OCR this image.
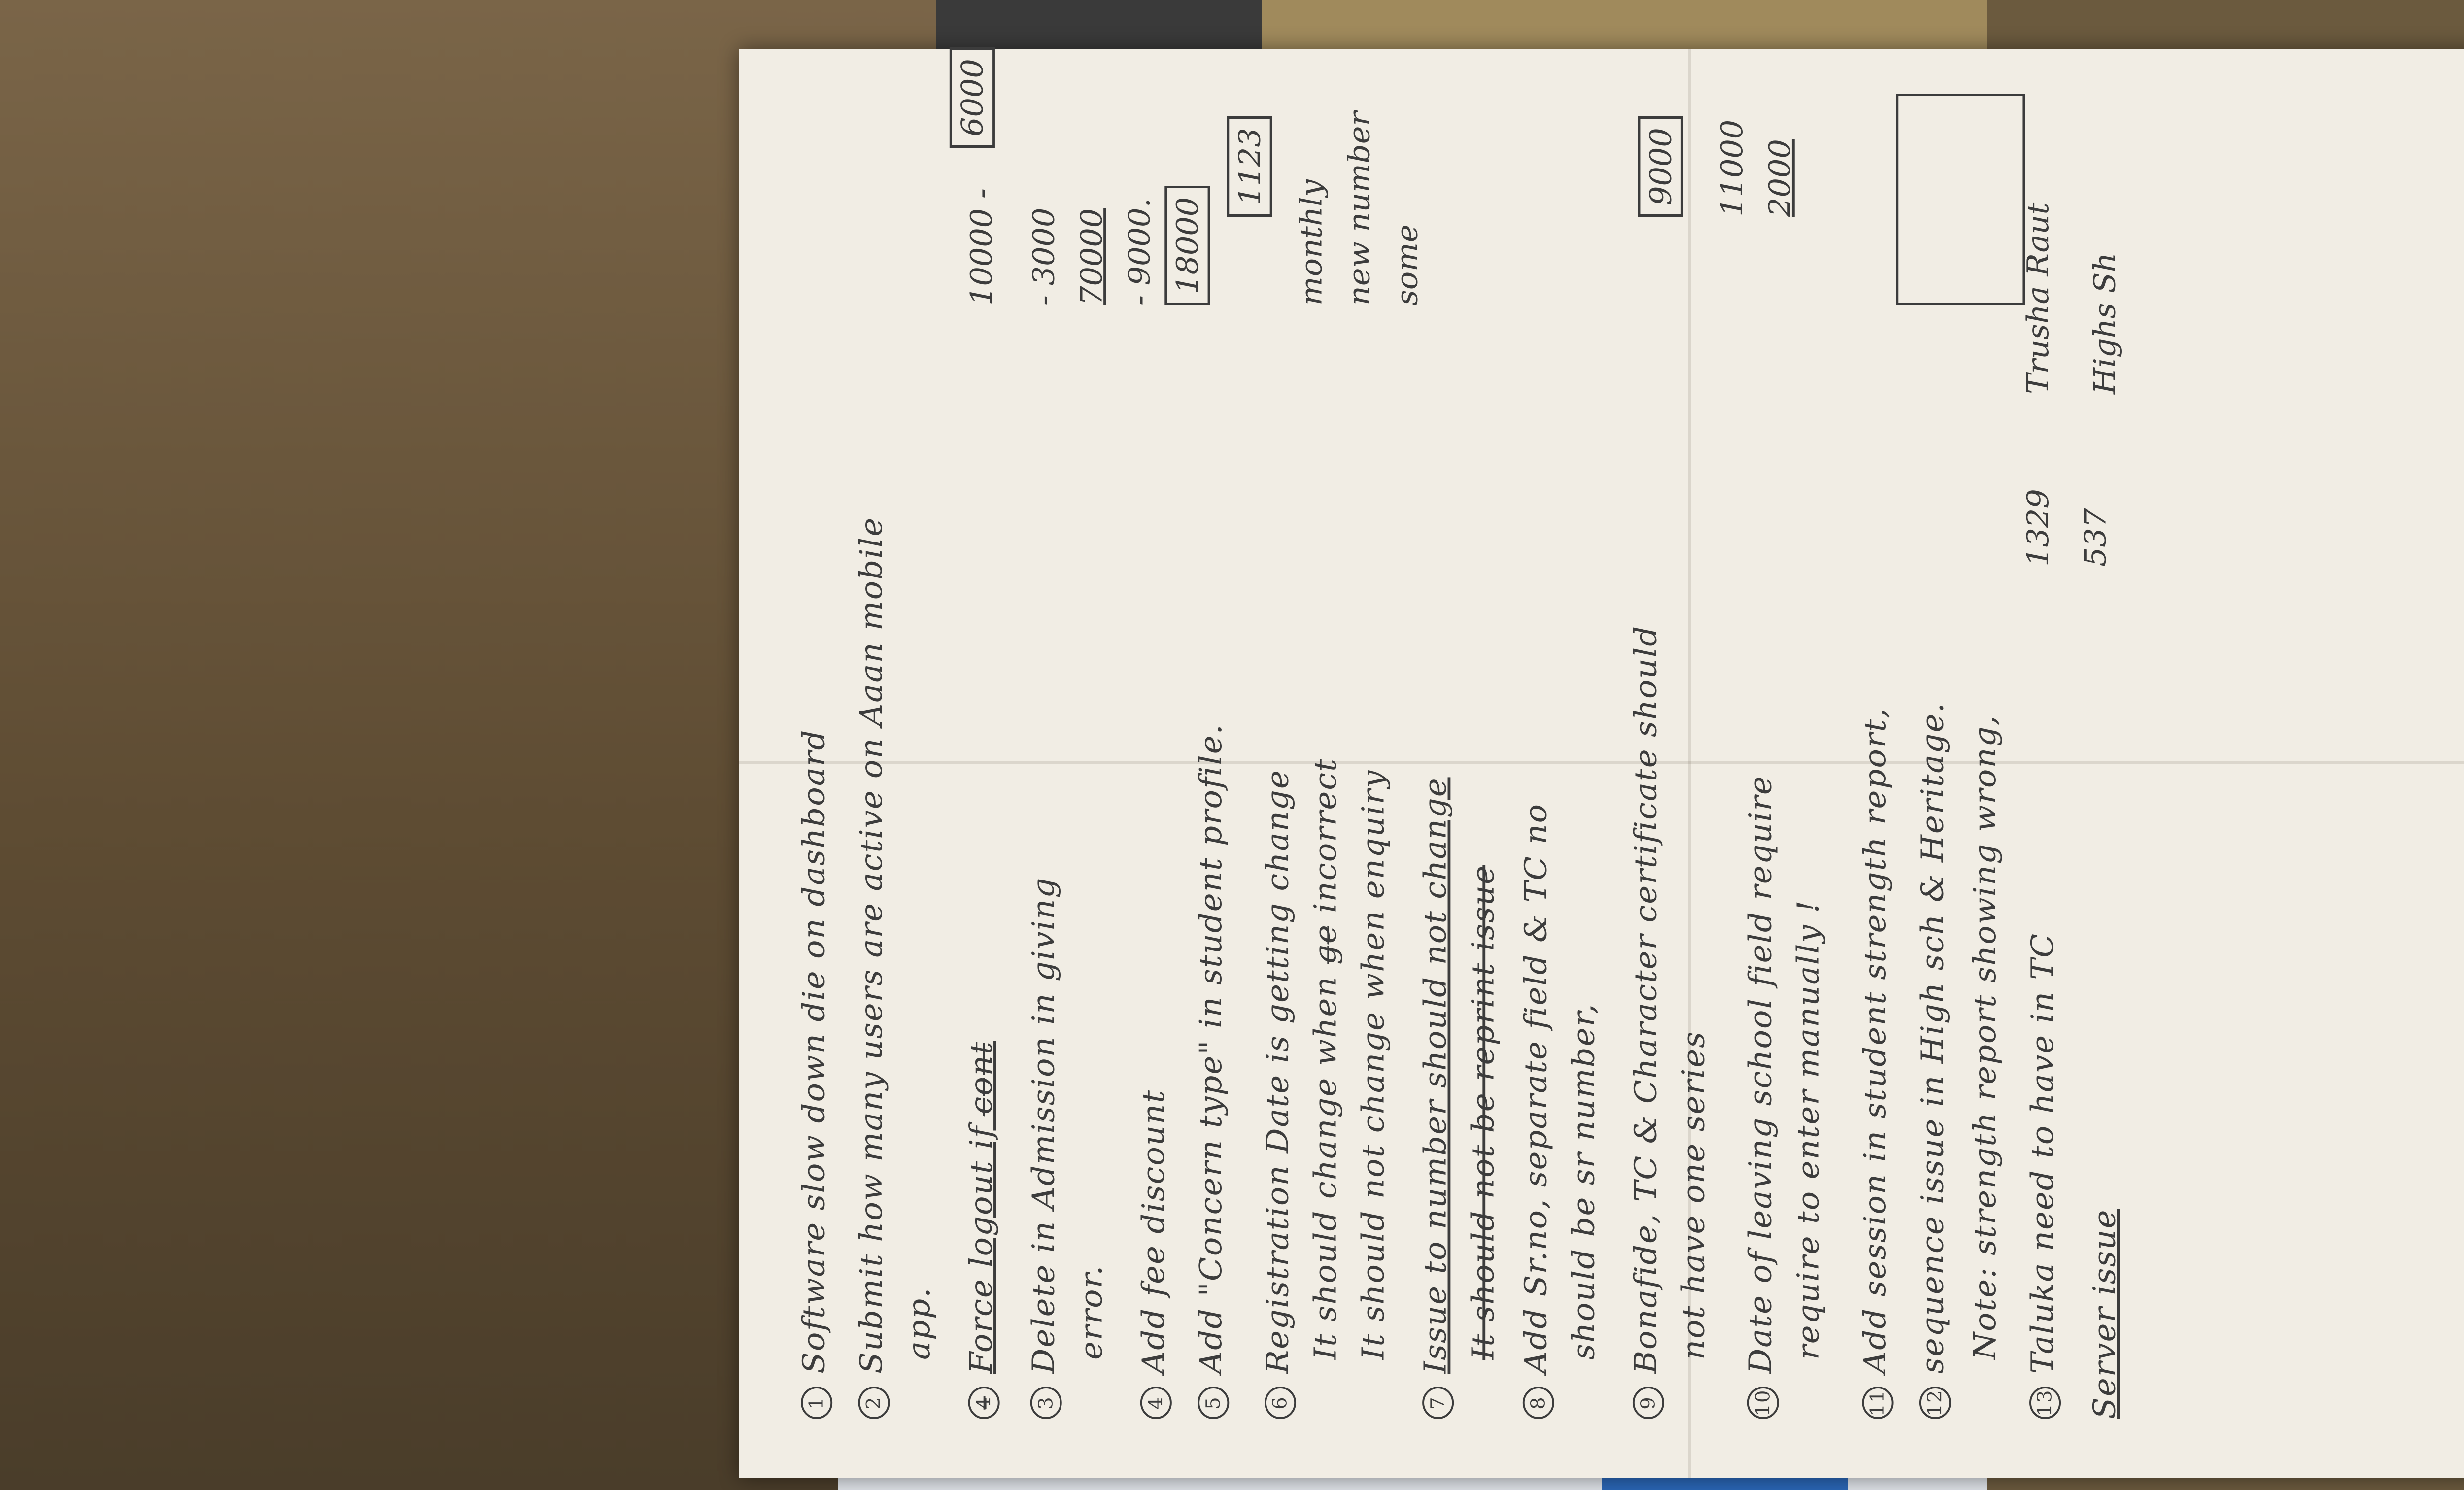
1Software slow down die on dashboard
2Submit how many users are active on Aaan mobile app.
4Force logout if c̶o̶n̶t̶
3Delete in Admission in giving error.
4Add fee discount
5Add "Concern type" in student profile.
6Registration Date is getting change It should change when g̶e̶ incorrect It should not change when enquiry
7Issue to number should not change It should not be reprint issue
8Add Sr.no, separate field & TC no should be sr number,
9Bonafide, TC & Character certificate should not have one series
10Date of leaving school field require require to enter manually !
11Add session in student strength report,
12sequence issue in High sch & Heritage. Note: strength report showing wrong,
13Taluka need to have in TC Server issue
10000 -
6000
- 3000 70000 - 9000. 18000
1123
monthly new number some
9000 11000 2000
1329 537
Trusha Raut Highs Sh
